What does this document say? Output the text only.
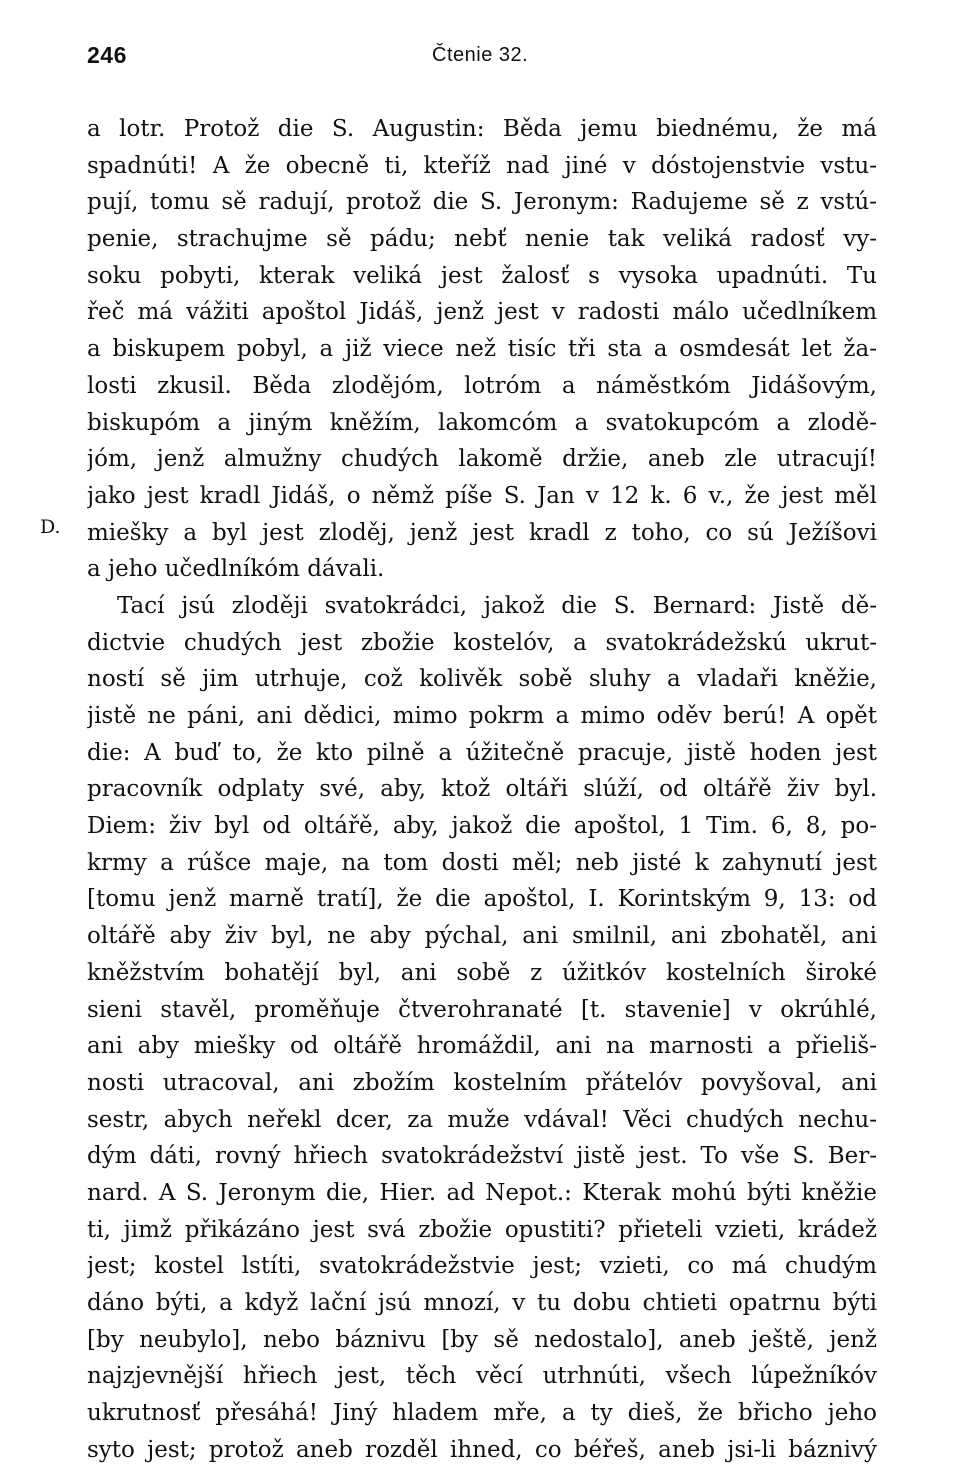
246	Čtenie 32.
D.
a lotr. Protož die S. Augustin: Běda jemu biednému, že má
spadnúti! A že obecně ti, kteříž nad jiné v dóstojenstvie vstu-
pují, tomu sě radují, protož die S. Jeronym: Radujeme sě z vstú-
penie, strachujme sě pádu; nebť nenie tak veliká radosť vy-
soku pobyti, kterak veliká jest žalosť s vysoka upadnúti. Tu
řeč má vážiti apoštol Jidáš, jenž jest v radosti málo učedlníkem
a biskupem pobyl, a již viece než tisíc tři sta a osmdesát let ža-
losti zkusil. Běda zlodějóm, lotróm a náměstkóm Jidášovým,
biskupóm a jiným kněžím, lakomcóm a svatokupcóm a zlodě-
jóm, jenž almužny chudých lakomě držie, aneb zle utracují!
jako jest kradl Jidáš, o němž píše S. Jan v 12 k. 6 v., že jest měl
miešky a byl jest zloděj, jenž jest kradl z toho, co sú Ježíšovi
a jeho učedlníkóm dávali.
Tací jsú zloději svatokrádci, jakož die S. Bernard: Jistě dě-
dictvie chudých jest zbožie kostelóv, a svatokrádežskú ukrut-
ností sě jim utrhuje, což kolivěk sobě sluhy a vladaři kněžie,
jistě ne páni, ani dědici, mimo pokrm a mimo oděv berú! A opět
die: A buď to, že kto pilně a úžitečně pracuje, jistě hoden jest
pracovník odplaty své, aby, ktož oltáři slúží, od oltářě živ byl.
Diem: živ byl od oltářě, aby, jakož die apoštol, 1 Tim. 6, 8, po-
krmy a rúšce maje, na tom dosti měl; neb jisté k zahynutí jest
[tomu jenž marně tratí], že die apoštol, I. Korintským 9, 13: od
oltářě aby živ byl, ne aby pýchal, ani smilnil, ani zbohatěl, ani
kněžstvím bohatějí byl, ani sobě z úžitkóv kostelních široké
sieni stavěl, proměňuje čtverohranaté [t. stavenie] v okrúhlé,
ani aby miešky od oltářě hromáždil, ani na marnosti a přieliš-
nosti utracoval, ani zbožím kostelním přátelóv povyšoval, ani
sestr, abych neřekl dcer, za muže vdával! Věci chudých nechu-
dým dáti, rovný hřiech svatokrádežství jistě jest. To vše S. Ber-
nard. A S. Jeronym die, Hier. ad Nepot.: Kterak mohú býti kněžie
ti, jimž přikázáno jest svá zbožie opustiti? přieteli vzieti, krádež
jest; kostel lstíti, svatokrádežstvie jest; vzieti, co má chudým
dáno býti, a když lační jsú mnozí, v tu dobu chtieti opatrnu býti
[by neubylo], nebo báznivu [by sě nedostalo], aneb ještě, jenž
najzjevnější hřiech jest, těch věcí utrhnúti, všech lúpežníkóv
ukrutnosť přesáhá! Jiný hladem mře, a ty dieš, že břicho jeho
syto jest; protož aneb rozděl ihned, co béřeš, aneb jsi-li báznivý
